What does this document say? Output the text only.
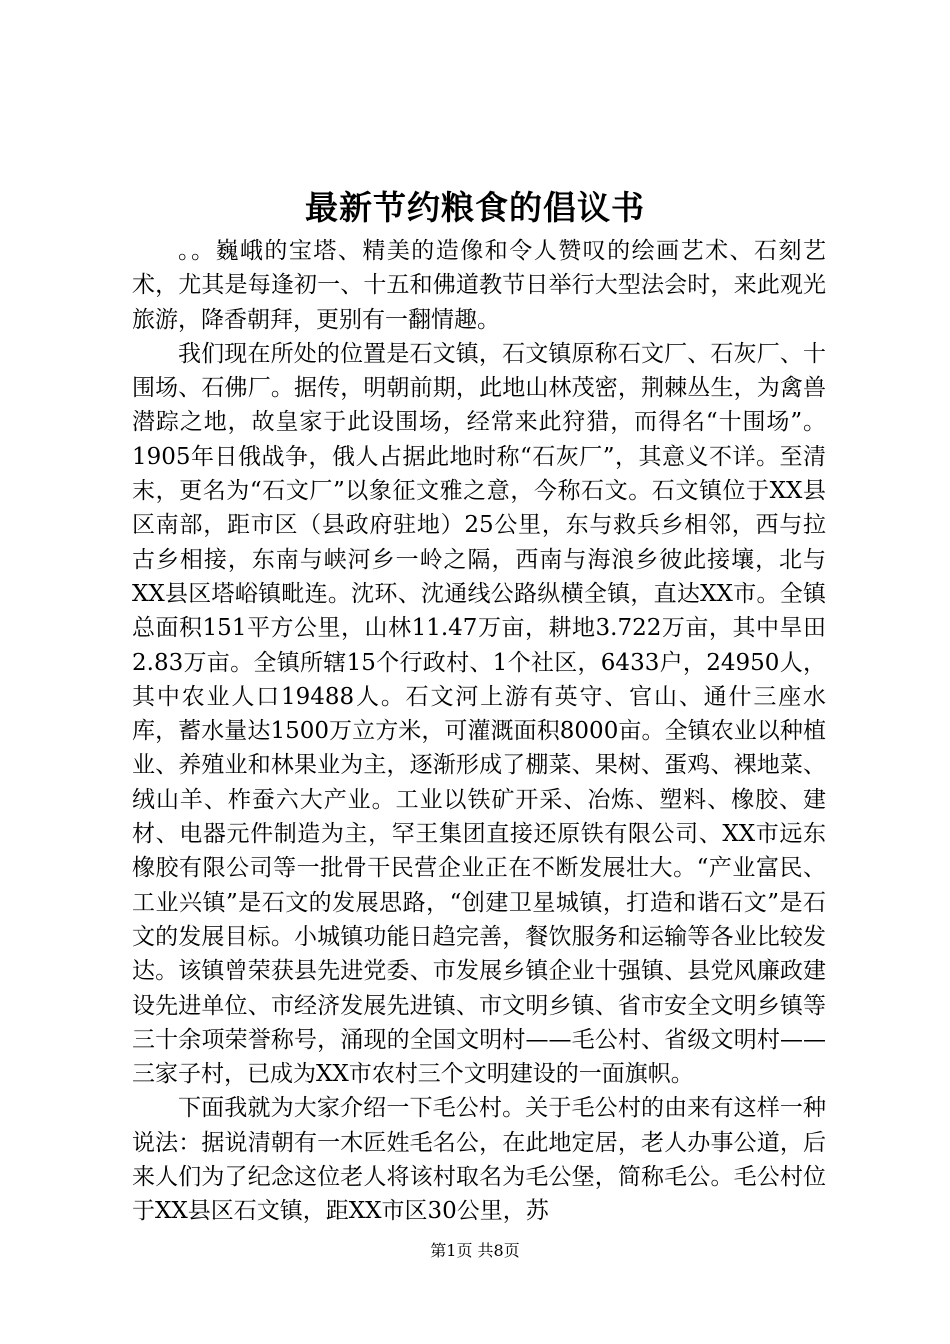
最新节约粮食的倡议书

。。巍峨的宝塔、精美的造像和令人赞叹的绘画艺术、石刻艺术，尤其是每逢初一、十五和佛道教节日举行大型法会时，来此观光旅游，降香朝拜，更别有一翻情趣。

我们现在所处的位置是石文镇，石文镇原称石文厂、石灰厂、十围场、石佛厂。据传，明朝前期，此地山林茂密，荆棘丛生，为禽兽潜踪之地，故皇家于此设围场，经常来此狩猎，而得名“十围场”。1905年日俄战争，俄人占据此地时称“石灰厂”，其意义不详。至清末，更名为“石文厂”以象征文雅之意，今称石文。石文镇位于XX县区南部，距市区（县政府驻地）25公里，东与救兵乡相邻，西与拉古乡相接，东南与峡河乡一岭之隔，西南与海浪乡彼此接壤，北与XX县区塔峪镇毗连。沈环、沈通线公路纵横全镇，直达XX市。全镇总面积151平方公里，山林11.47万亩，耕地3.722万亩，其中旱田2.83万亩。全镇所辖15个行政村、1个社区，6433户，24950人，其中农业人口19488人。石文河上游有英守、官山、通什三座水库，蓄水量达1500万立方米，可灌溉面积8000亩。全镇农业以种植业、养殖业和林果业为主，逐渐形成了棚菜、果树、蛋鸡、裸地菜、绒山羊、柞蚕六大产业。工业以铁矿开采、冶炼、塑料、橡胶、建材、电器元件制造为主，罕王集团直接还原铁有限公司、XX市远东橡胶有限公司等一批骨干民营企业正在不断发展壮大。“产业富民、工业兴镇”是石文的发展思路，“创建卫星城镇，打造和谐石文”是石文的发展目标。小城镇功能日趋完善，餐饮服务和运输等各业比较发达。该镇曾荣获县先进党委、市发展乡镇企业十强镇、县党风廉政建设先进单位、市经济发展先进镇、市文明乡镇、省市安全文明乡镇等三十余项荣誉称号，涌现的全国文明村——毛公村、省级文明村——三家子村，已成为XX市农村三个文明建设的一面旗帜。

下面我就为大家介绍一下毛公村。关于毛公村的由来有这样一种说法：据说清朝有一木匠姓毛名公，在此地定居，老人办事公道，后来人们为了纪念这位老人将该村取名为毛公堡，简称毛公。毛公村位于XX县区石文镇，距XX市区30公里，苏

第1页 共8页
